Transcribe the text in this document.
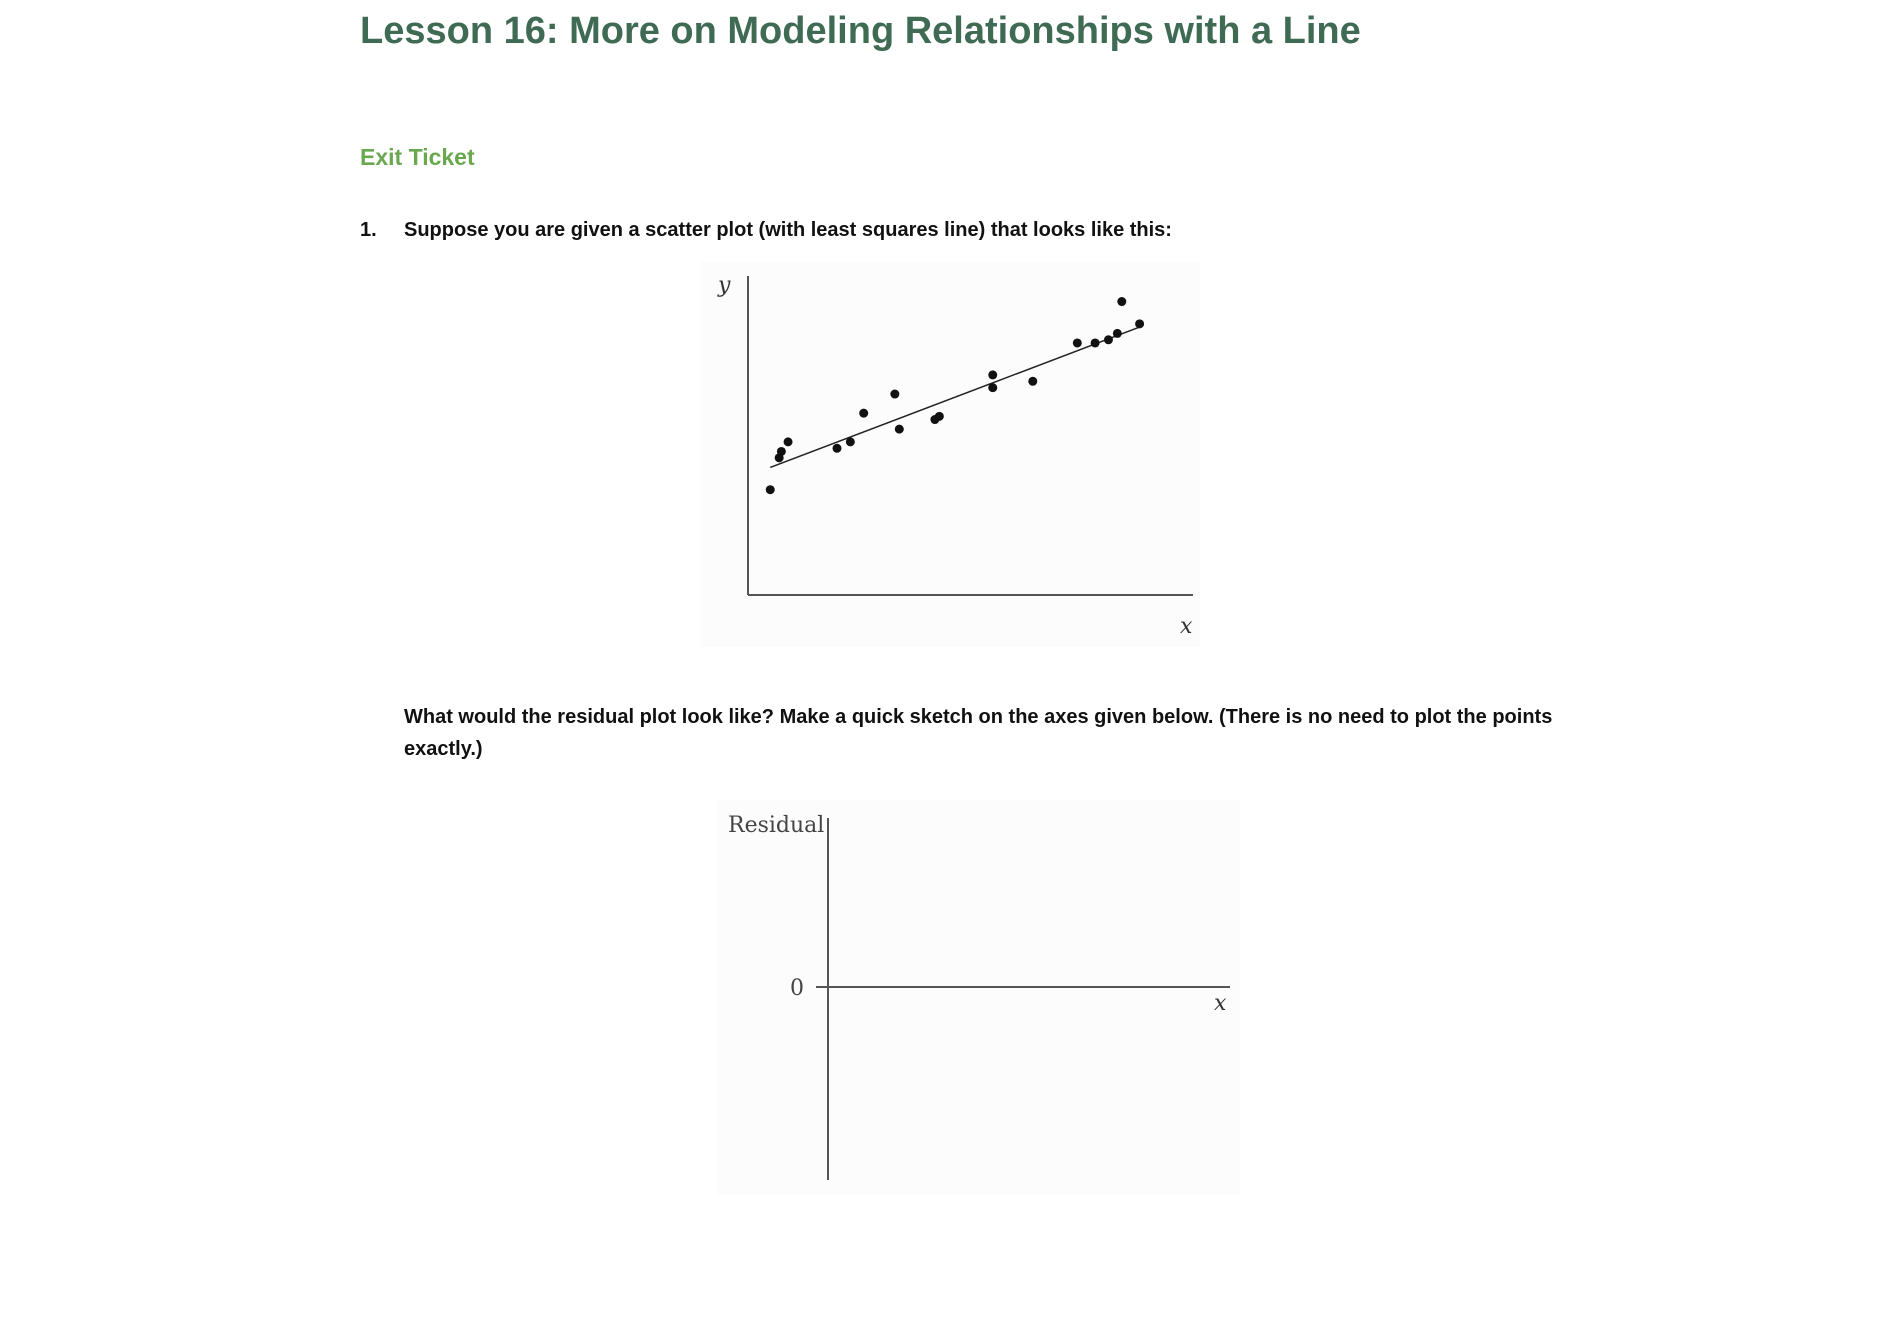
Lesson 16: More on Modeling Relationships with a Line
Exit Ticket
1. Suppose you are given a scatter plot (with least squares line) that looks like this:
y
x
What would the residual plot look like? Make a quick sketch on the axes given below. (There is no need to plot the points exactly.)
Residual
0
x
